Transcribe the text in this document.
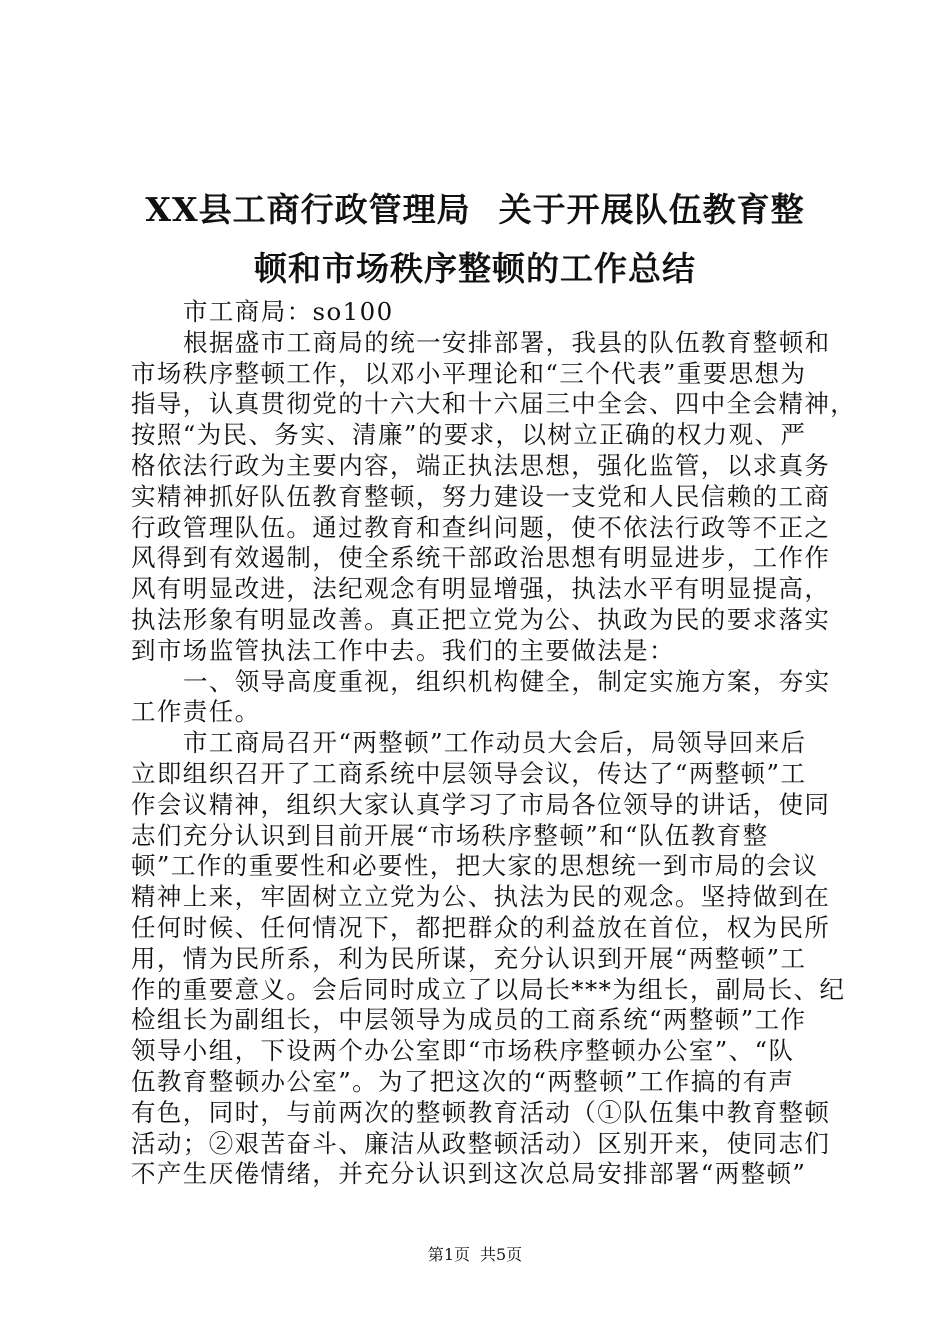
XX县工商行政管理局 关于开展队伍教育整
顿和市场秩序整顿的工作总结
市工商局：so100
根据盛市工商局的统一安排部署，我县的队伍教育整顿和
市场秩序整顿工作，以邓小平理论和“三个代表”重要思想为
指导，认真贯彻党的十六大和十六届三中全会、四中全会精神，
按照“为民、务实、清廉”的要求，以树立正确的权力观、严
格依法行政为主要内容，端正执法思想，强化监管，以求真务
实精神抓好队伍教育整顿，努力建设一支党和人民信赖的工商
行政管理队伍。通过教育和查纠问题，使不依法行政等不正之
风得到有效遏制，使全系统干部政治思想有明显进步，工作作
风有明显改进，法纪观念有明显增强，执法水平有明显提高，
执法形象有明显改善。真正把立党为公、执政为民的要求落实
到市场监管执法工作中去。我们的主要做法是：
一、领导高度重视，组织机构健全，制定实施方案，夯实
工作责任。
市工商局召开“两整顿”工作动员大会后，局领导回来后
立即组织召开了工商系统中层领导会议，传达了“两整顿”工
作会议精神，组织大家认真学习了市局各位领导的讲话，使同
志们充分认识到目前开展“市场秩序整顿”和“队伍教育整
顿”工作的重要性和必要性，把大家的思想统一到市局的会议
精神上来，牢固树立立党为公、执法为民的观念。坚持做到在
任何时候、任何情况下，都把群众的利益放在首位，权为民所
用，情为民所系，利为民所谋，充分认识到开展“两整顿”工
作的重要意义。会后同时成立了以局长***为组长，副局长、纪
检组长为副组长，中层领导为成员的工商系统“两整顿”工作
领导小组，下设两个办公室即“市场秩序整顿办公室”、“队
伍教育整顿办公室”。为了把这次的“两整顿”工作搞的有声
有色，同时，与前两次的整顿教育活动（①队伍集中教育整顿
活动；②艰苦奋斗、廉洁从政整顿活动）区别开来，使同志们
不产生厌倦情绪，并充分认识到这次总局安排部署“两整顿”
第1页 共5页
